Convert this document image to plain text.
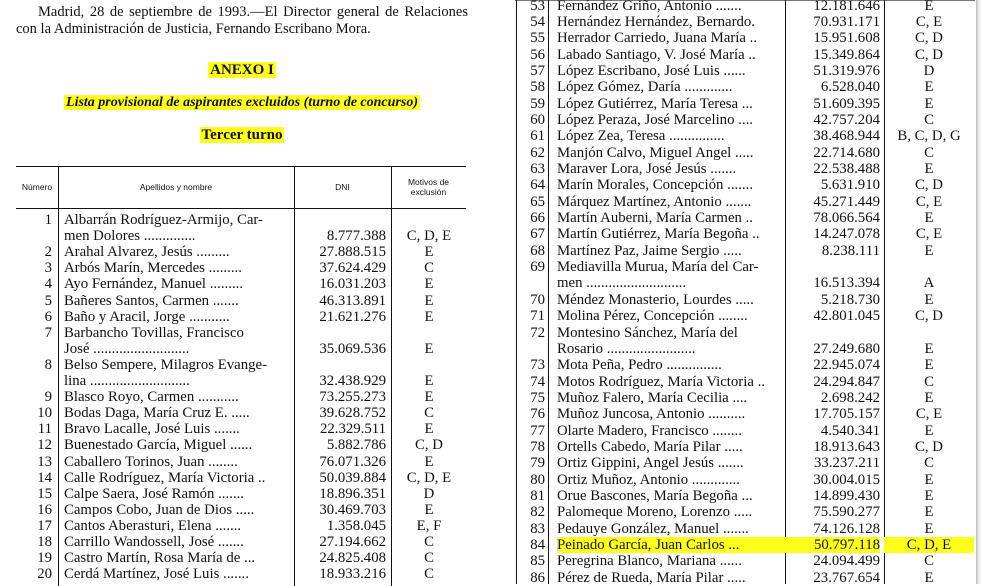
Madrid, 28 de septiembre de 1993.—El Director general de Relaciones con la Administración de Justicia, Fernando Escribano Mora.
ANEXO I
Lista provisional de aspirantes excluidos (turno de concurso)
Tercer turno
Número	Apellidos y nombre	DNI	Motivos de exclusión
1 Albarrán Rodríguez-Armijo, Car-
men Dolores ..............	8.777.388	C, D, E
2 Arahal Alvarez, Jesús .........	27.888.515	E
3 Arbós Marín, Mercedes .........	37.624.429	C
4 Ayo Fernández, Manuel .........	16.031.203	E
5 Bañeres Santos, Carmen .......	46.313.891	E
6 Baño y Aracil, Jorge ...........	21.621.276	E
7 Barbancho Tovillas, Francisco
José ..........................	35.069.536	E
8 Belso Sempere, Milagros Evange-
lina ...........................	32.438.929	E
9 Blasco Royo, Carmen ...........	73.255.273	E
10 Bodas Daga, María Cruz E. .....	39.628.752	C
11 Bravo Lacalle, José Luis .......	22.329.511	E
12 Buenestado García, Miguel ......	5.882.786	C, D
13 Caballero Torinos, Juan ........	76.071.326	E
14 Calle Rodríguez, María Victoria ..	50.039.884	C, D, E
15 Calpe Saera, José Ramón .......	18.896.351	D
16 Campos Cobo, Juan de Dios .....	30.469.703	E
17 Cantos Aberasturi, Elena .......	1.358.045	E, F
18 Carrillo Wandossell, José .......	27.194.662	C
19 Castro Martín, Rosa María de ...	24.825.408	C
20 Cerdá Martínez, José Luis .......	18.933.216	C
53 Fernández Griño, Antonio .......	12.181.646	E
54 Hernández Hernández, Bernardo.	70.931.171	C, E
55 Herrador Carriedo, Juana María ..	15.951.608	C, D
56 Labado Santiago, V. José María ..	15.349.864	C, D
57 López Escribano, José Luis ......	51.319.976	D
58 López Gómez, Daría .............	6.528.040	E
59 López Gutiérrez, María Teresa ...	51.609.395	E
60 López Peraza, José Marcelino ....	42.757.204	C
61 López Zea, Teresa ...............	38.468.944	B, C, D, G
62 Manjón Calvo, Miguel Angel .....	22.714.680	C
63 Maraver Lora, José Jesús .......	22.538.488	E
64 Marín Morales, Concepción .......	5.631.910	C, D
65 Márquez Martínez, Antonio .......	45.271.449	C, E
66 Martín Auberni, María Carmen ..	78.066.564	E
67 Martín Gutiérrez, María Begoña ..	14.247.078	C, E
68 Martínez Paz, Jaime Sergio .....	8.238.111	E
69 Mediavilla Murua, María del Car-
men ...........................	16.513.394	A
70 Méndez Monasterio, Lourdes .....	5.218.730	E
71 Molina Pérez, Concepción ........	42.801.045	C, D
72 Montesino Sánchez, María del
Rosario ........................	27.249.680	E
73 Mota Peña, Pedro ...............	22.945.074	E
74 Motos Rodríguez, María Victoria ..	24.294.847	C
75 Muñoz Falero, María Cecilia ....	2.698.242	E
76 Muñoz Juncosa, Antonio ..........	17.705.157	C, E
77 Olarte Madero, Francisco ........	4.540.341	E
78 Ortells Cabedo, María Pilar .....	18.913.643	C, D
79 Ortiz Gippini, Angel Jesús .......	33.237.211	C
80 Ortiz Muñoz, Antonio .............	30.004.015	E
81 Orue Bascones, María Begoña ...	14.899.430	E
82 Palomeque Moreno, Lorenzo .....	75.590.277	E
83 Pedauye González, Manuel .......	74.126.128	E
84 Peinado García, Juan Carlos ...	50.797.118	C, D, E
85 Peregrina Blanco, Mariana ......	24.094.499	C
86 Pérez de Rueda, María Pilar .....	23.767.654	E
